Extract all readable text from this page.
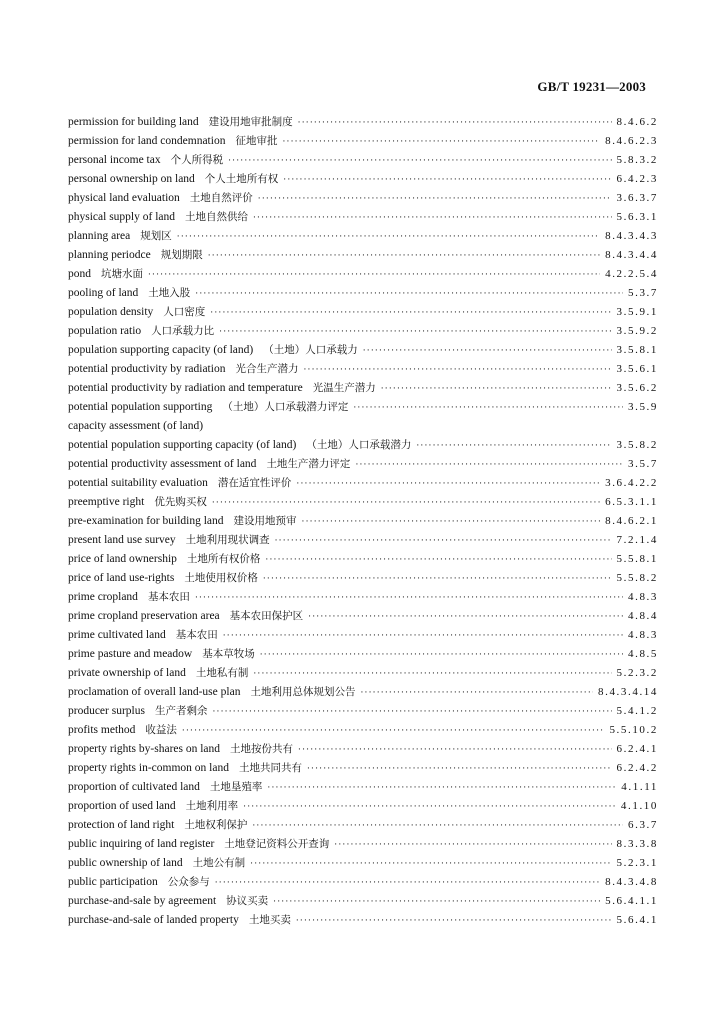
GB/T 19231—2003
permission for building land 建设用地审批制度 ·····	8.4.6.2
permission for land condemnation 征地审批 ·····	8.4.6.2.3
personal income tax 个人所得税 ·····	5.8.3.2
personal ownership on land 个人土地所有权 ·····	6.4.2.3
physical land evaluation 土地自然评价 ·····	3.6.3.7
physical supply of land 土地自然供给 ·····	5.6.3.1
planning area 规划区 ·····	8.4.3.4.3
planning periodce 规划期限 ·····	8.4.3.4.4
pond 坑塘水面 ·····	4.2.2.5.4
pooling of land 土地入股 ·····	5.3.7
population density 人口密度 ·····	3.5.9.1
population ratio 人口承载力比 ·····	3.5.9.2
population supporting capacity (of land) （土地）人口承载力 ·····	3.5.8.1
potential productivity by radiation 光合生产潜力 ·····	3.5.6.1
potential productivity by radiation and temperature 光温生产潜力 ·····	3.5.6.2
potential population supporting （土地）人口承载潜力评定 ·····	3.5.9
capacity assessment (of land)
potential population supporting capacity (of land) （土地）人口承载潜力 ·····	3.5.8.2
potential productivity assessment of land 土地生产潜力评定 ·····	3.5.7
potential suitability evaluation 潜在适宜性评价 ·····	3.6.4.2.2
preemptive right 优先购买权 ·····	6.5.3.1.1
pre-examination for building land 建设用地预审 ·····	8.4.6.2.1
present land use survey 土地利用现状调查 ·····	7.2.1.4
price of land ownership 土地所有权价格 ·····	5.5.8.1
price of land use-rights 土地使用权价格 ·····	5.5.8.2
prime cropland 基本农田 ·····	4.8.3
prime cropland preservation area 基本农田保护区 ·····	4.8.4
prime cultivated land 基本农田 ·····	4.8.3
prime pasture and meadow 基本草牧场 ·····	4.8.5
private ownership of land 土地私有制 ·····	5.2.3.2
proclamation of overall land-use plan 土地利用总体规划公告 ·····	8.4.3.4.14
producer surplus 生产者剩余 ·····	5.4.1.2
profits method 收益法 ·····	5.5.10.2
property rights by-shares on land 土地按份共有 ·····	6.2.4.1
property rights in-common on land 土地共同共有 ·····	6.2.4.2
proportion of cultivated land 土地垦殖率 ·····	4.1.11
proportion of used land 土地利用率 ·····	4.1.10
protection of land right 土地权利保护 ·····	6.3.7
public inquiring of land register 土地登记资料公开查询 ·····	8.3.3.8
public ownership of land 土地公有制 ·····	5.2.3.1
public participation 公众参与 ·····	8.4.3.4.8
purchase-and-sale by agreement 协议买卖 ·····	5.6.4.1.1
purchase-and-sale of landed property 土地买卖 ·····	5.6.4.1
